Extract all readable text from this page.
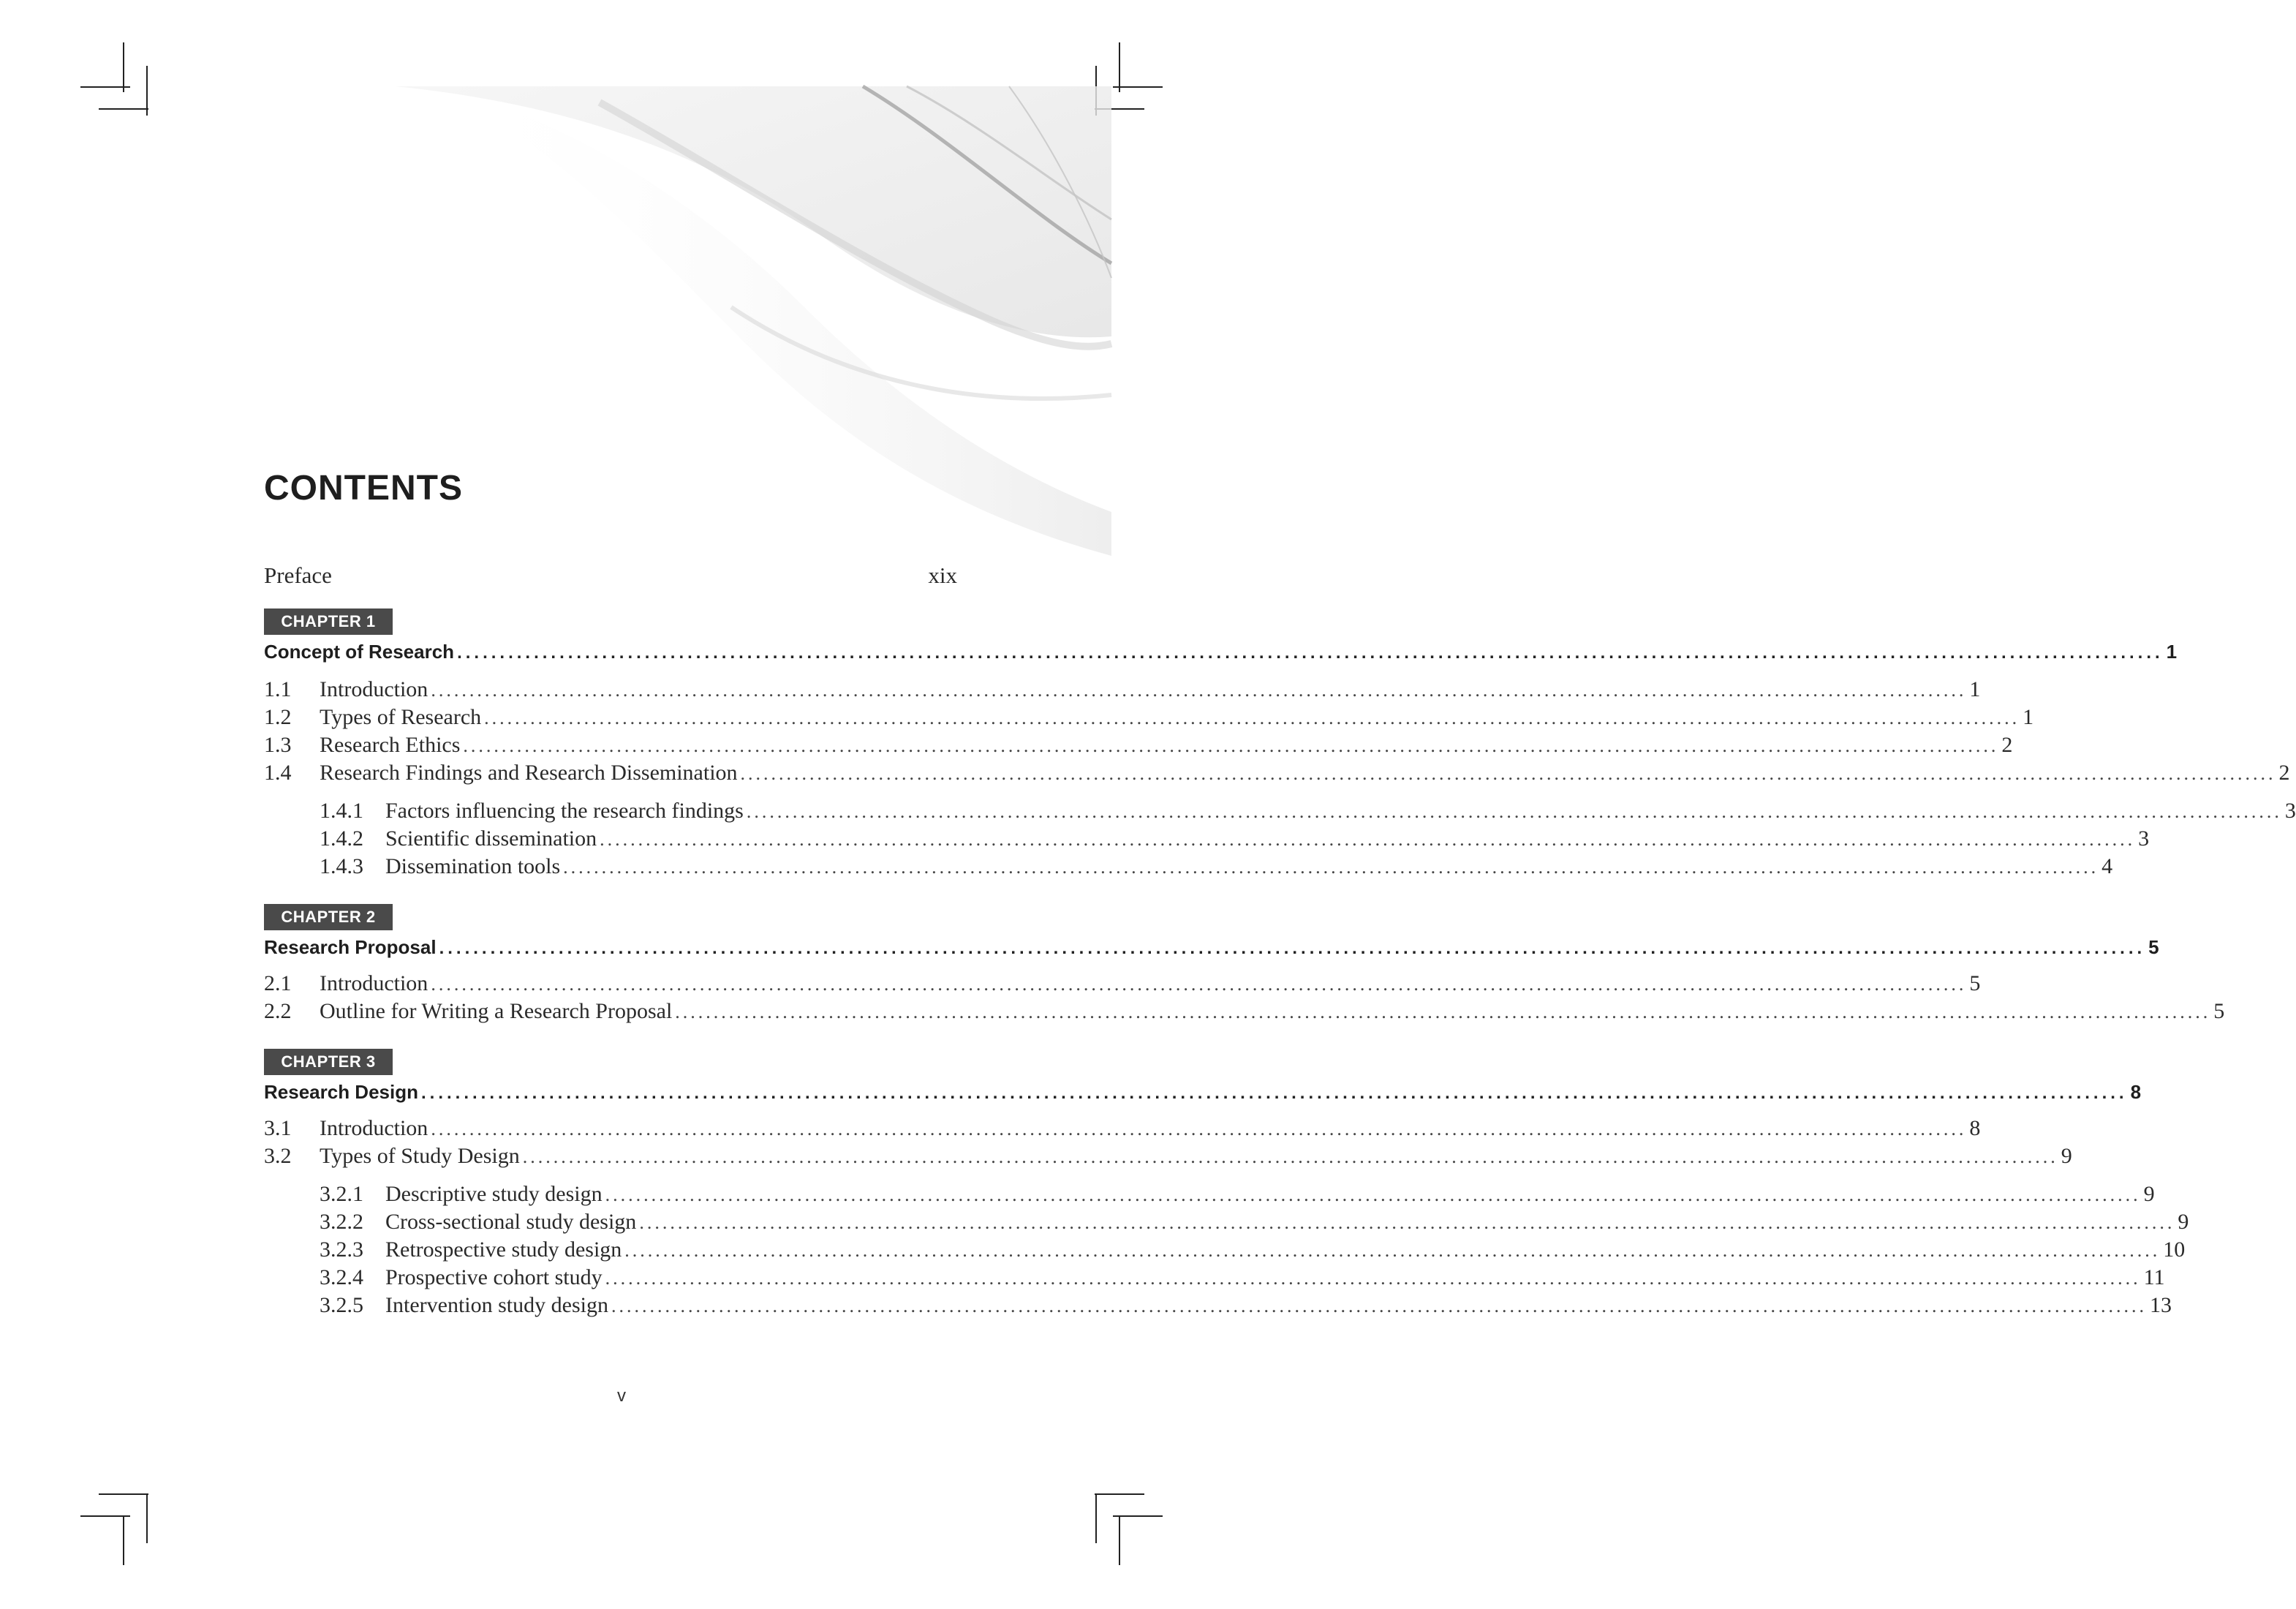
CONTENTS
Preface	xix
CHAPTER 1
Concept of Research ........................................................................................................................................................................................................ 1
1.1	Introduction ........................................................................................................................................................................................................ 1
1.2	Types of Research ........................................................................................................................................................................................................ 1
1.3	Research Ethics ........................................................................................................................................................................................................ 2
1.4	Research Findings and Research Dissemination ........................................................................................................................................................................................................ 2
1.4.1	Factors influencing the research findings ........................................................................................................................................................................................................ 3
1.4.2	Scientific dissemination ........................................................................................................................................................................................................ 3
1.4.3	Dissemination tools ........................................................................................................................................................................................................ 4
CHAPTER 2
Research Proposal ........................................................................................................................................................................................................ 5
2.1	Introduction ........................................................................................................................................................................................................ 5
2.2	Outline for Writing a Research Proposal ........................................................................................................................................................................................................ 5
CHAPTER 3
Research Design ........................................................................................................................................................................................................ 8
3.1	Introduction ........................................................................................................................................................................................................ 8
3.2	Types of Study Design ........................................................................................................................................................................................................ 9
3.2.1	Descriptive study design ........................................................................................................................................................................................................ 9
3.2.2	Cross-sectional study design ........................................................................................................................................................................................................ 9
3.2.3	Retrospective study design ........................................................................................................................................................................................................ 10
3.2.4	Prospective cohort study ........................................................................................................................................................................................................ 11
3.2.5	Intervention study design ........................................................................................................................................................................................................ 13
v
